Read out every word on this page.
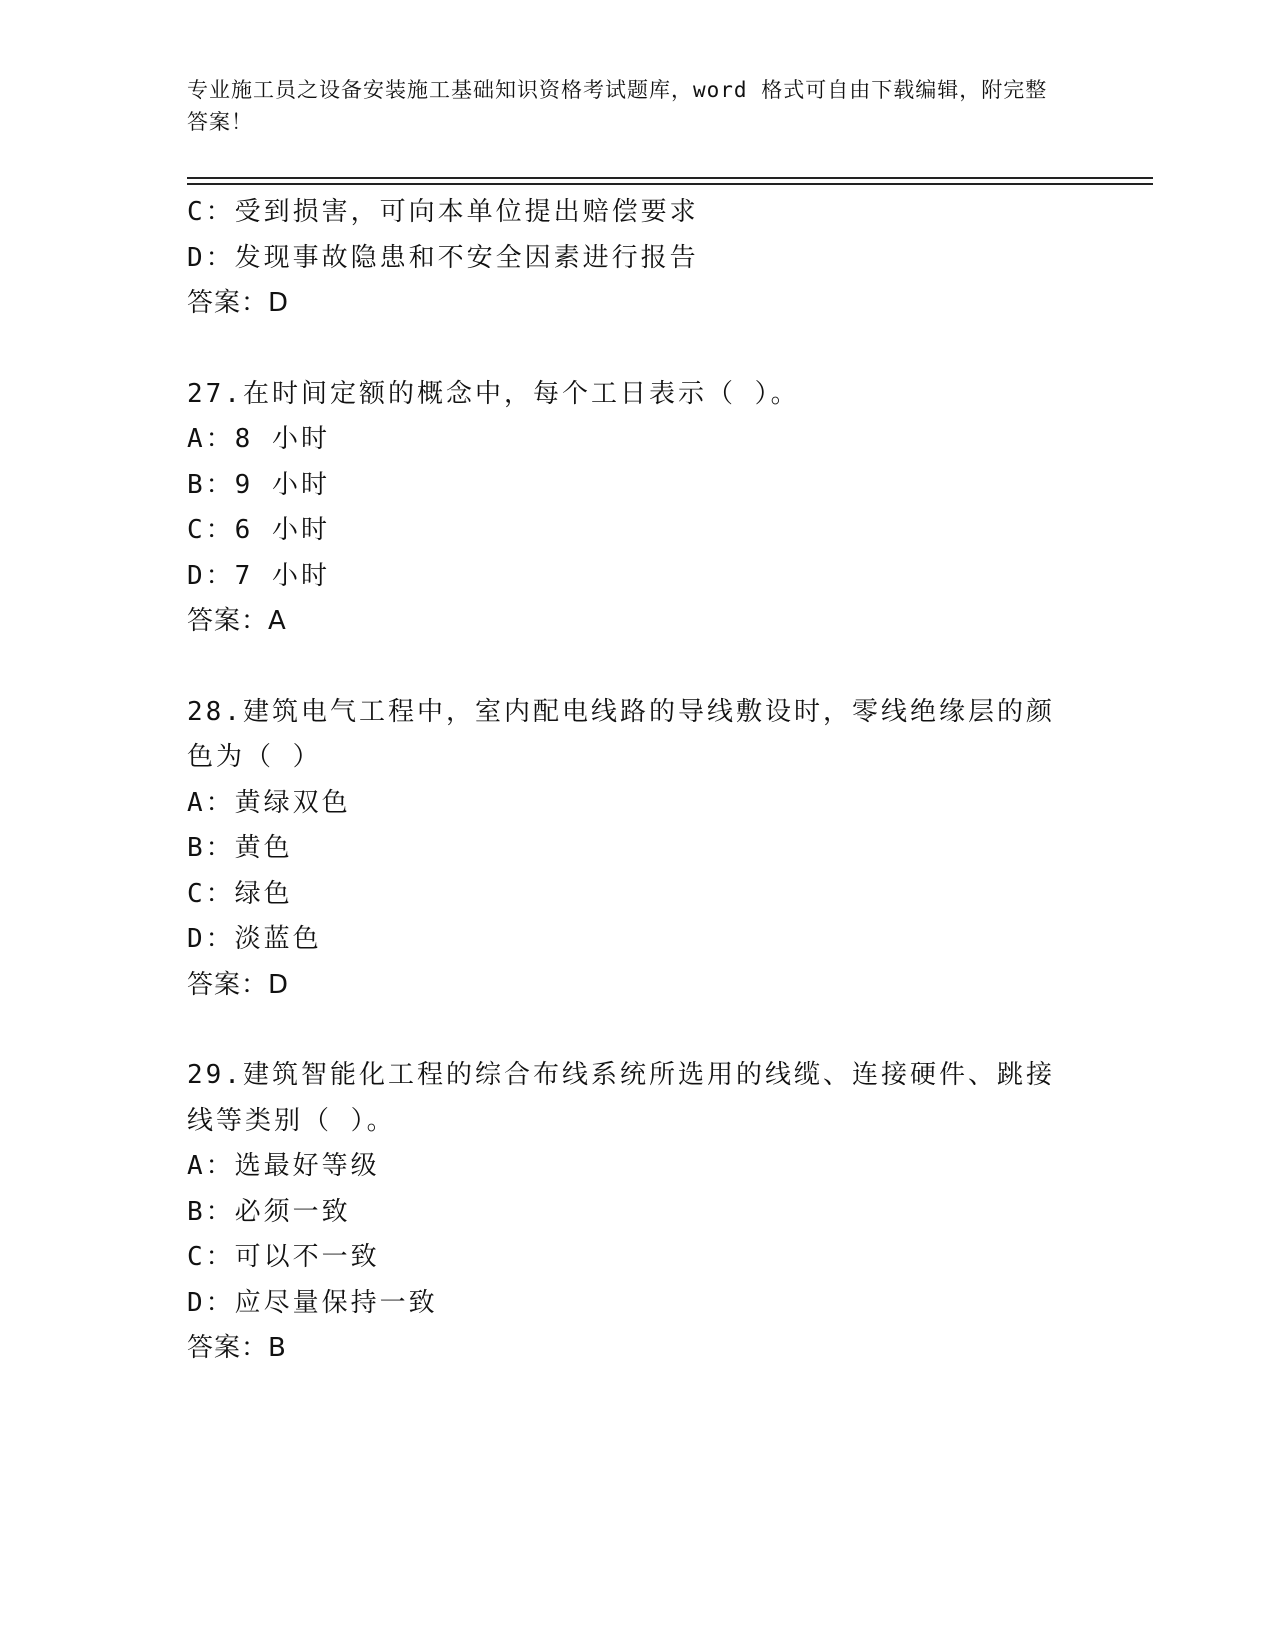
专业施工员之设备安装施工基础知识资格考试题库，word 格式可自由下载编辑，附完整答案！
C：受到损害，可向本单位提出赔偿要求
D：发现事故隐患和不安全因素进行报告
答案：D
27.在时间定额的概念中，每个工日表示（ ）。
A：8 小时
B：9 小时
C：6 小时
D：7 小时
答案：A
28.建筑电气工程中，室内配电线路的导线敷设时，零线绝缘层的颜色为（ ）
A：黄绿双色
B：黄色
C：绿色
D：淡蓝色
答案：D
29.建筑智能化工程的综合布线系统所选用的线缆、连接硬件、跳接线等类别（ ）。
A：选最好等级
B：必须一致
C：可以不一致
D：应尽量保持一致
答案：B
